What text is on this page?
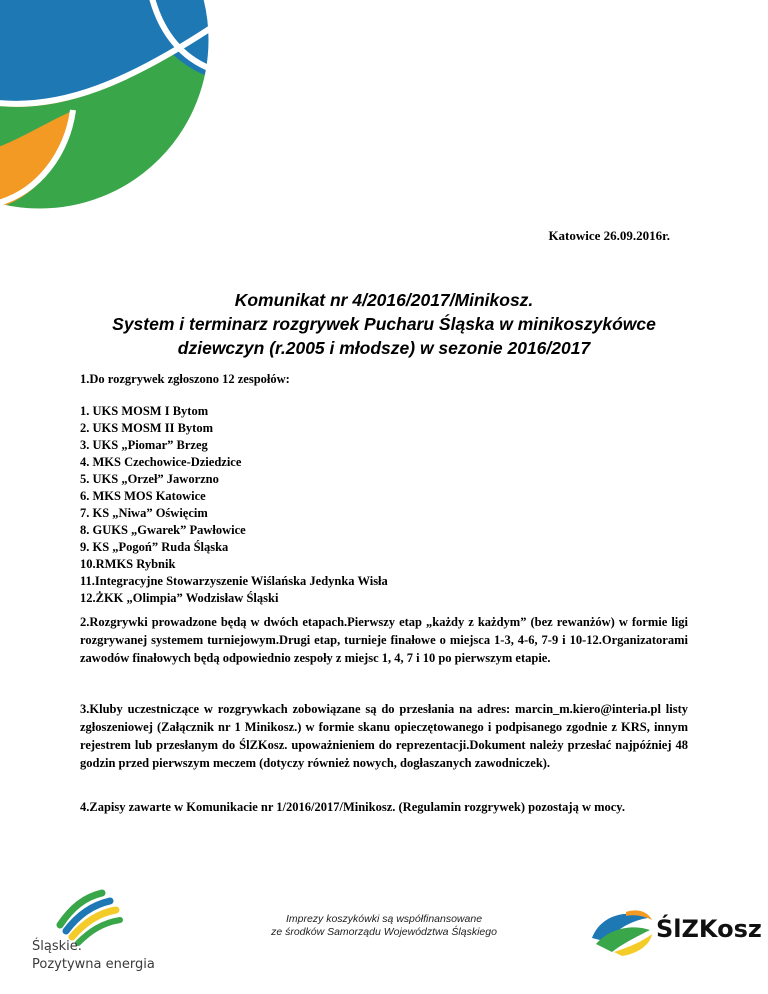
Katowice 26.09.2016r.
Komunikat nr 4/2016/2017/Minikosz.
System i terminarz rozgrywek Pucharu Śląska w minikoszykówce
dziewczyn (r.2005 i młodsze) w sezonie 2016/2017
1.Do rozgrywek zgłoszono 12 zespołów:
1. UKS MOSM I Bytom
2. UKS MOSM II Bytom
3. UKS „Piomar” Brzeg
4. MKS Czechowice-Dziedzice
5. UKS „Orzeł” Jaworzno
6. MKS MOS Katowice
7. KS „Niwa” Oświęcim
8. GUKS „Gwarek” Pawłowice
9. KS „Pogoń” Ruda Śląska
10.RMKS Rybnik
11.Integracyjne Stowarzyszenie Wiślańska Jedynka Wisła
12.ŻKK „Olimpia” Wodzisław Śląski
2.Rozgrywki prowadzone będą w dwóch etapach.Pierwszy etap „każdy z każdym” (bez rewanżów) w formie ligi rozgrywanej systemem turniejowym.Drugi etap, turnieje finałowe o miejsca 1-3, 4-6, 7-9 i 10-12.Organizatorami zawodów finałowych będą odpowiednio zespoły z miejsc 1, 4, 7 i 10 po pierwszym etapie.
3.Kluby uczestniczące w rozgrywkach zobowiązane są do przesłania na adres: marcin_m.kiero@interia.pl listy zgłoszeniowej (Załącznik nr 1 Minikosz.) w formie skanu opieczętowanego i podpisanego zgodnie z KRS, innym rejestrem lub przesłanym do ŚlZKosz. upoważnieniem do reprezentacji.Dokument należy przesłać najpóźniej 48 godzin przed pierwszym meczem (dotyczy również nowych, dogłaszanych zawodniczek).
4.Zapisy zawarte w Komunikacie nr 1/2016/2017/Minikosz. (Regulamin rozgrywek) pozostają w mocy.
Śląskie.
Pozytywna energia
Imprezy koszykówki są współfinansowane
ze środków Samorządu Województwa Śląskiego	ŚlZKosz
